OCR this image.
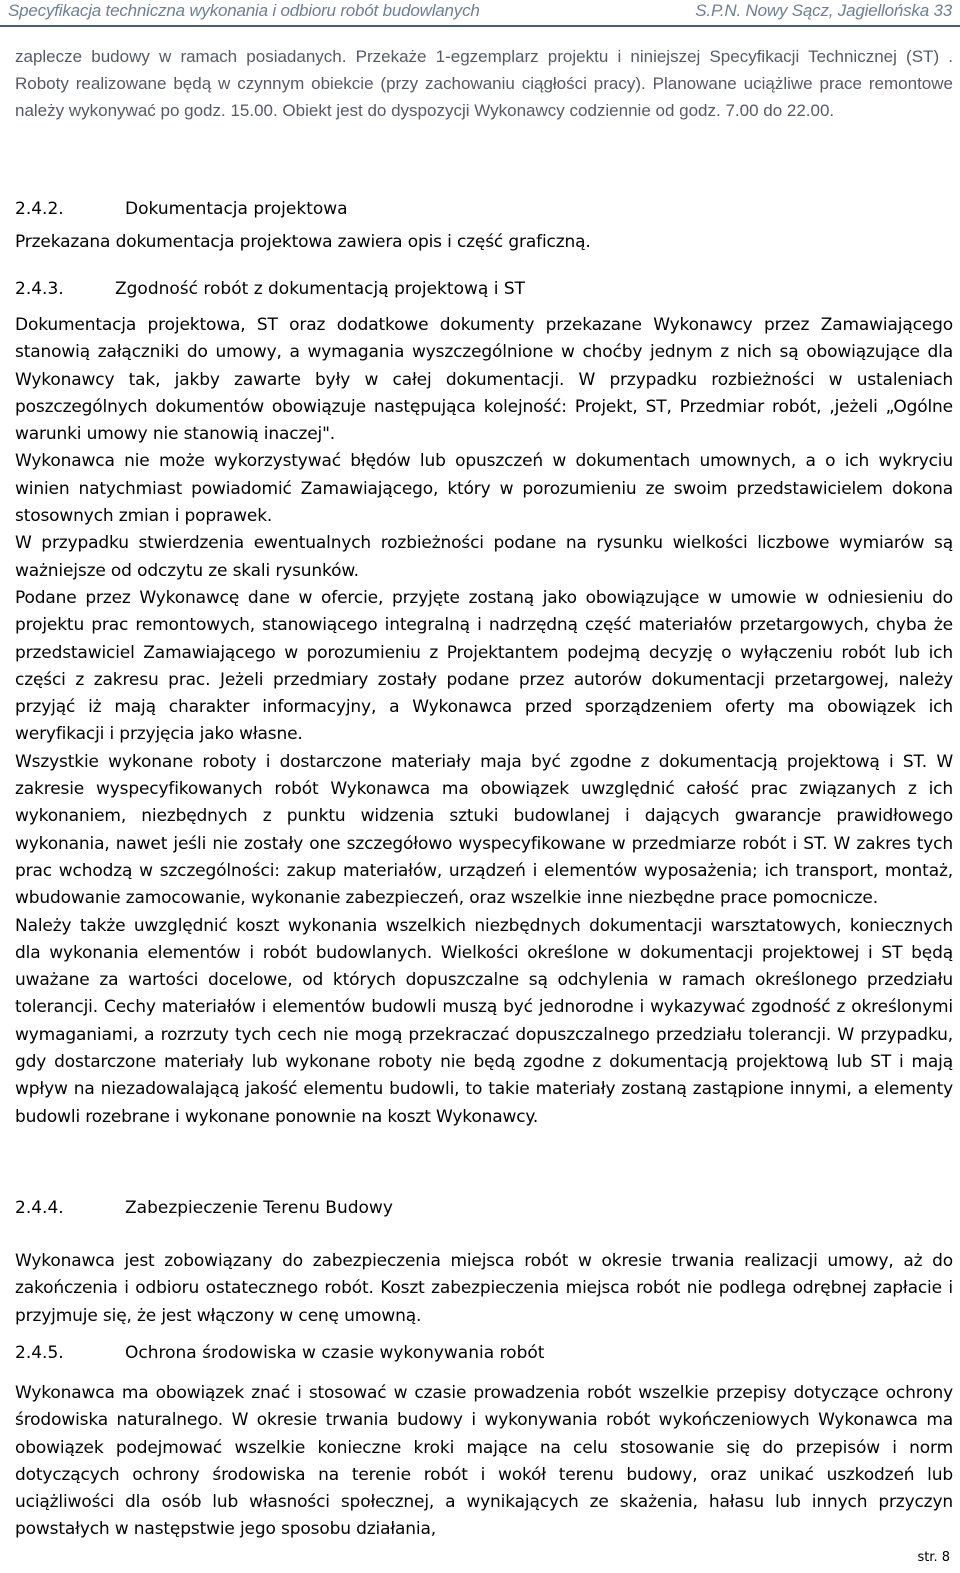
Specyfikacja techniczna wykonania i odbioru robót budowlanych	S.P.N. Nowy Sącz, Jagiellońska 33
zaplecze budowy w ramach posiadanych. Przekaże 1-egzemplarz projektu i niniejszej Specyfikacji Technicznej (ST) . Roboty realizowane będą w czynnym obiekcie (przy zachowaniu ciągłości pracy). Planowane uciążliwe prace remontowe należy wykonywać po godz. 15.00. Obiekt jest do dyspozycji Wykonawcy codziennie od godz. 7.00 do 22.00.
2.4.2.	Dokumentacja projektowa

Przekazana dokumentacja projektowa zawiera opis i część graficzną.

2.4.3.	Zgodność robót z dokumentacją projektową i ST

Dokumentacja projektowa, ST oraz dodatkowe dokumenty przekazane Wykonawcy przez Zamawiającego stanowią załączniki do umowy, a wymagania wyszczególnione w choćby jednym z nich są obowiązujące dla Wykonawcy tak, jakby zawarte były w całej dokumentacji. W przypadku rozbieżności w ustaleniach poszczególnych dokumentów obowiązuje następująca kolejność: Projekt, ST, Przedmiar robót, ,jeżeli „Ogólne warunki umowy nie stanowią inaczej".

Wykonawca nie może wykorzystywać błędów lub opuszczeń w dokumentach umownych, a o ich wykryciu winien natychmiast powiadomić Zamawiającego, który w porozumieniu ze swoim przedstawicielem dokona stosownych zmian i poprawek.

W przypadku stwierdzenia ewentualnych rozbieżności podane na rysunku wielkości liczbowe wymiarów są ważniejsze od odczytu ze skali rysunków.

Podane przez Wykonawcę dane w ofercie, przyjęte zostaną jako obowiązujące w umowie w odniesieniu do projektu prac remontowych, stanowiącego integralną i nadrzędną część materiałów przetargowych, chyba że przedstawiciel Zamawiającego w porozumieniu z Projektantem podejmą decyzję o wyłączeniu robót lub ich części z zakresu prac. Jeżeli przedmiary zostały podane przez autorów dokumentacji przetargowej, należy przyjąć iż mają charakter informacyjny, a Wykonawca przed sporządzeniem oferty ma obowiązek ich weryfikacji i przyjęcia jako własne.

Wszystkie wykonane roboty i dostarczone materiały maja być zgodne z dokumentacją projektową i ST. W zakresie wyspecyfikowanych robót Wykonawca ma obowiązek uwzględnić całość prac związanych z ich wykonaniem, niezbędnych z punktu widzenia sztuki budowlanej i dających gwarancje prawidłowego wykonania, nawet jeśli nie zostały one szczegółowo wyspecyfikowane w przedmiarze robót i ST. W zakres tych prac wchodzą w szczególności: zakup materiałów, urządzeń i elementów wyposażenia; ich transport, montaż, wbudowanie zamocowanie, wykonanie zabezpieczeń, oraz wszelkie inne niezbędne prace pomocnicze.

Należy także uwzględnić koszt wykonania wszelkich niezbędnych dokumentacji warsztatowych, koniecznych dla wykonania elementów i robót budowlanych. Wielkości określone w dokumentacji projektowej i ST będą uważane za wartości docelowe, od których dopuszczalne są odchylenia w ramach określonego przedziału tolerancji. Cechy materiałów i elementów budowli muszą być jednorodne i wykazywać zgodność z określonymi wymaganiami, a rozrzuty tych cech nie mogą przekraczać dopuszczalnego przedziału tolerancji. W przypadku, gdy dostarczone materiały lub wykonane roboty nie będą zgodne z dokumentacją projektową lub ST i mają wpływ na niezadowalającą jakość elementu budowli, to takie materiały zostaną zastąpione innymi, a elementy budowli rozebrane i wykonane ponownie na koszt Wykonawcy.

2.4.4.	Zabezpieczenie Terenu Budowy

Wykonawca jest zobowiązany do zabezpieczenia miejsca robót w okresie trwania realizacji umowy, aż do zakończenia i odbioru ostatecznego robót. Koszt zabezpieczenia miejsca robót nie podlega odrębnej zapłacie i przyjmuje się, że jest włączony w cenę umowną.

2.4.5.	Ochrona środowiska w czasie wykonywania robót

Wykonawca ma obowiązek znać i stosować w czasie prowadzenia robót wszelkie przepisy dotyczące ochrony środowiska naturalnego. W okresie trwania budowy i wykonywania robót wykończeniowych Wykonawca ma obowiązek podejmować wszelkie konieczne kroki mające na celu stosowanie się do przepisów i norm dotyczących ochrony środowiska na terenie robót i wokół terenu budowy, oraz unikać uszkodzeń lub uciążliwości dla osób lub własności społecznej, a wynikających ze skażenia, hałasu lub innych przyczyn powstałych w następstwie jego sposobu działania,

str. 8
